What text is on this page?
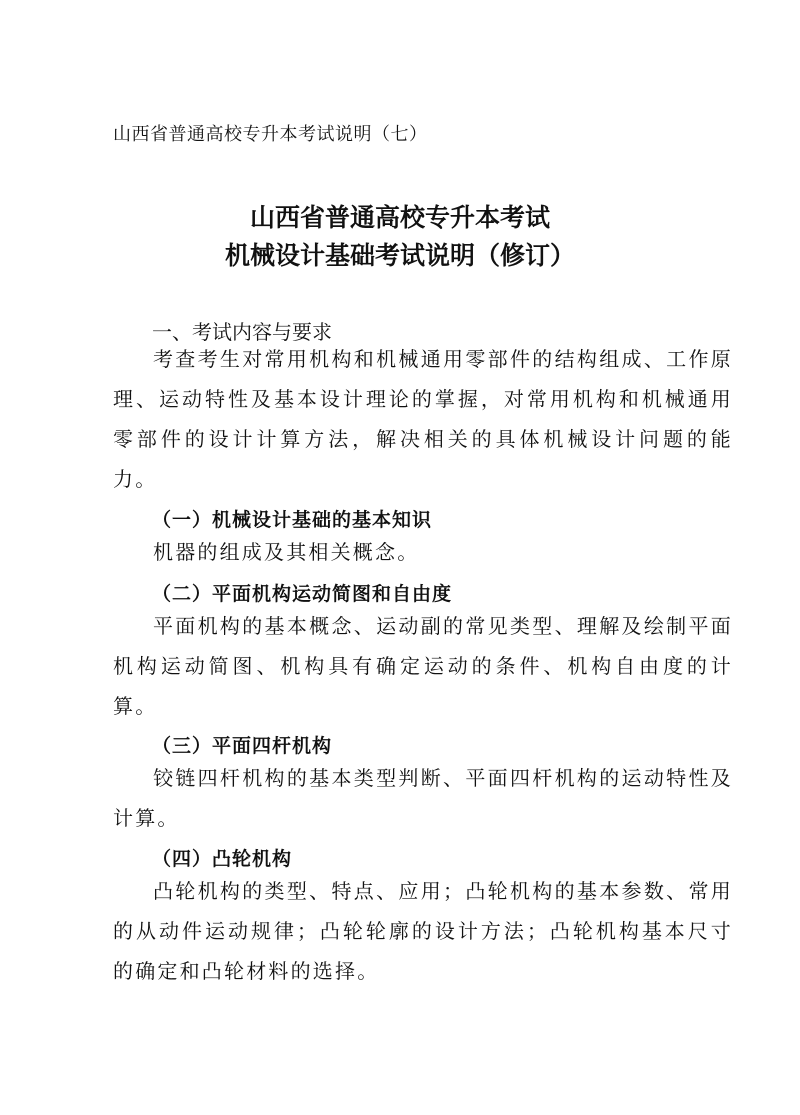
山西省普通高校专升本考试说明（七）
山西省普通高校专升本考试
机械设计基础考试说明（修订）
一、考试内容与要求
考查考生对常用机构和机械通用零部件的结构组成、工作原理、运动特性及基本设计理论的掌握，对常用机构和机械通用零部件的设计计算方法，解决相关的具体机械设计问题的能力。
（一）机械设计基础的基本知识
机器的组成及其相关概念。
（二）平面机构运动简图和自由度
平面机构的基本概念、运动副的常见类型、理解及绘制平面机构运动简图、机构具有确定运动的条件、机构自由度的计算。
（三）平面四杆机构
铰链四杆机构的基本类型判断、平面四杆机构的运动特性及计算。
（四）凸轮机构
凸轮机构的类型、特点、应用；凸轮机构的基本参数、常用的从动件运动规律；凸轮轮廓的设计方法；凸轮机构基本尺寸的确定和凸轮材料的选择。
